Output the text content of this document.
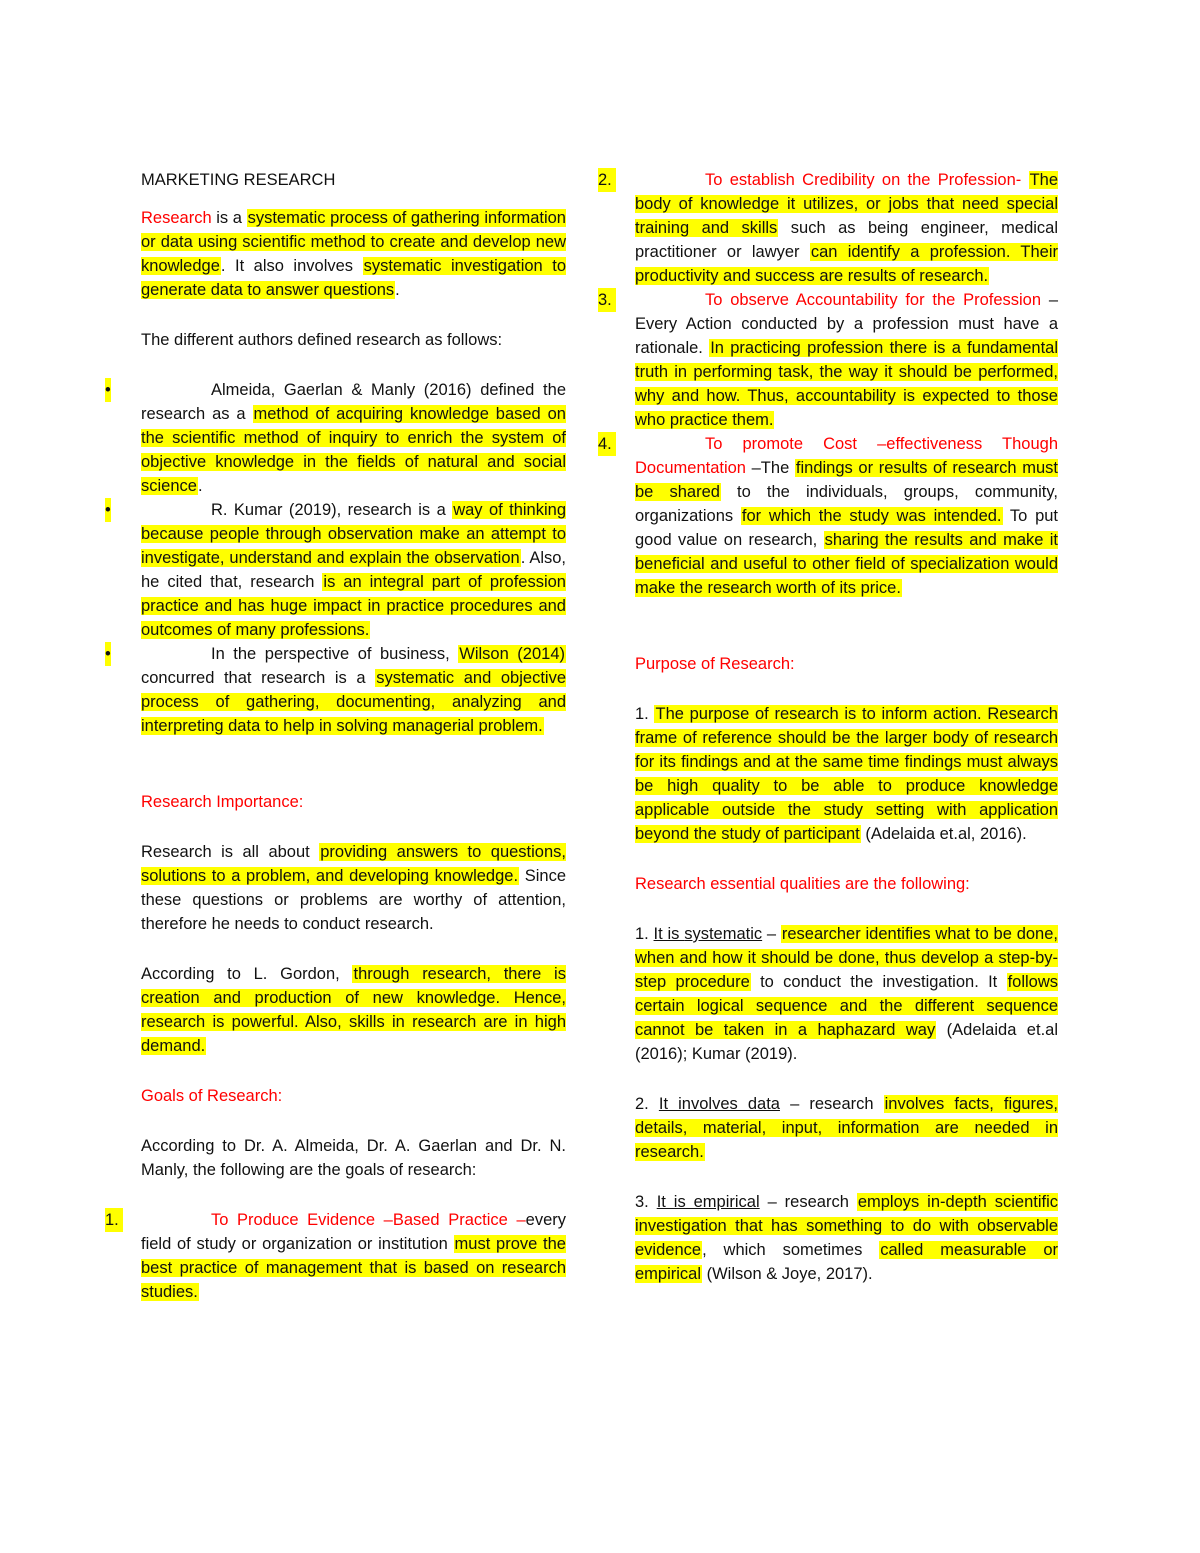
MARKETING RESEARCH

Research is a systematic process of gathering information or data using scientific method to create and develop new knowledge. It also involves systematic investigation to generate data to answer questions.

The different authors defined research as follows:

•	Almeida, Gaerlan & Manly (2016) defined the research as a method of acquiring knowledge based on the scientific method of inquiry to enrich the system of objective knowledge in the fields of natural and social science.

•	R. Kumar (2019), research is a way of thinking because people through observation make an attempt to investigate, understand and explain the observation. Also, he cited that, research is an integral part of profession practice and has huge impact in practice procedures and outcomes of many professions.

•	In the perspective of business, Wilson (2014) concurred that research is a systematic and objective process of gathering, documenting, analyzing and interpreting data to help in solving managerial problem.

Research Importance:

Research is all about providing answers to questions, solutions to a problem, and developing knowledge. Since these questions or problems are worthy of attention, therefore he needs to conduct research.

According to L. Gordon, through research, there is creation and production of new knowledge. Hence, research is powerful. Also, skills in research are in high demand.

Goals of Research:

According to Dr. A. Almeida, Dr. A. Gaerlan and Dr. N. Manly, the following are the goals of research:

1.	To Produce Evidence –Based Practice –every field of study or organization or institution must prove the best practice of management that is based on research studies.

2.	To establish Credibility on the Profession- The body of knowledge it utilizes, or jobs that need special training and skills such as being engineer, medical practitioner or lawyer can identify a profession. Their productivity and success are results of research.

3.	To observe Accountability for the Profession –Every Action conducted by a profession must have a rationale. In practicing profession there is a fundamental truth in performing task, the way it should be performed, why and how. Thus, accountability is expected to those who practice them.

4.	To promote Cost –effectiveness Though Documentation –The findings or results of research must be shared to the individuals, groups, community, organizations for which the study was intended. To put good value on research, sharing the results and make it beneficial and useful to other field of specialization would make the research worth of its price.

Purpose of Research:

1. The purpose of research is to inform action. Research frame of reference should be the larger body of research for its findings and at the same time findings must always be high quality to be able to produce knowledge applicable outside the study setting with application beyond the study of participant (Adelaida et.al, 2016).

Research essential qualities are the following:

1. It is systematic – researcher identifies what to be done, when and how it should be done, thus develop a step-by-step procedure to conduct the investigation. It follows certain logical sequence and the different sequence cannot be taken in a haphazard way (Adelaida et.al (2016); Kumar (2019).

2. It involves data – research involves facts, figures, details, material, input, information are needed in research.

3. It is empirical – research employs in-depth scientific investigation that has something to do with observable evidence, which sometimes called measurable or empirical (Wilson & Joye, 2017).
